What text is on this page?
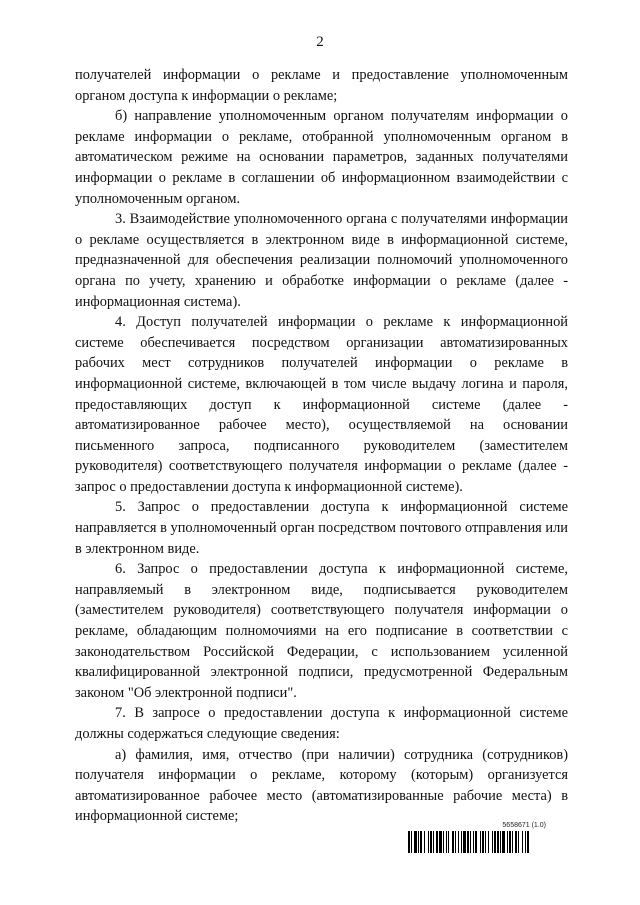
2

получателей информации о рекламе и предоставление уполномоченным органом доступа к информации о рекламе;

б) направление уполномоченным органом получателям информации о рекламе информации о рекламе, отобранной уполномоченным органом в автоматическом режиме на основании параметров, заданных получателями информации о рекламе в соглашении об информационном взаимодействии с уполномоченным органом.

3. Взаимодействие уполномоченного органа с получателями информации о рекламе осуществляется в электронном виде в информационной системе, предназначенной для обеспечения реализации полномочий уполномоченного органа по учету, хранению и обработке информации о рекламе (далее - информационная система).

4. Доступ получателей информации о рекламе к информационной системе обеспечивается посредством организации автоматизированных рабочих мест сотрудников получателей информации о рекламе в информационной системе, включающей в том числе выдачу логина и пароля, предоставляющих доступ к информационной системе (далее - автоматизированное рабочее место), осуществляемой на основании письменного запроса, подписанного руководителем (заместителем руководителя) соответствующего получателя информации о рекламе (далее - запрос о предоставлении доступа к информационной системе).

5. Запрос о предоставлении доступа к информационной системе направляется в уполномоченный орган посредством почтового отправления или в электронном виде.

6. Запрос о предоставлении доступа к информационной системе, направляемый в электронном виде, подписывается руководителем (заместителем руководителя) соответствующего получателя информации о рекламе, обладающим полномочиями на его подписание в соответствии с законодательством Российской Федерации, с использованием усиленной квалифицированной электронной подписи, предусмотренной Федеральным законом "Об электронной подписи".

7. В запросе о предоставлении доступа к информационной системе должны содержаться следующие сведения:

а) фамилия, имя, отчество (при наличии) сотрудника (сотрудников) получателя информации о рекламе, которому (которым) организуется автоматизированное рабочее место (автоматизированные рабочие места) в информационной системе;

5658671 (1.0)
